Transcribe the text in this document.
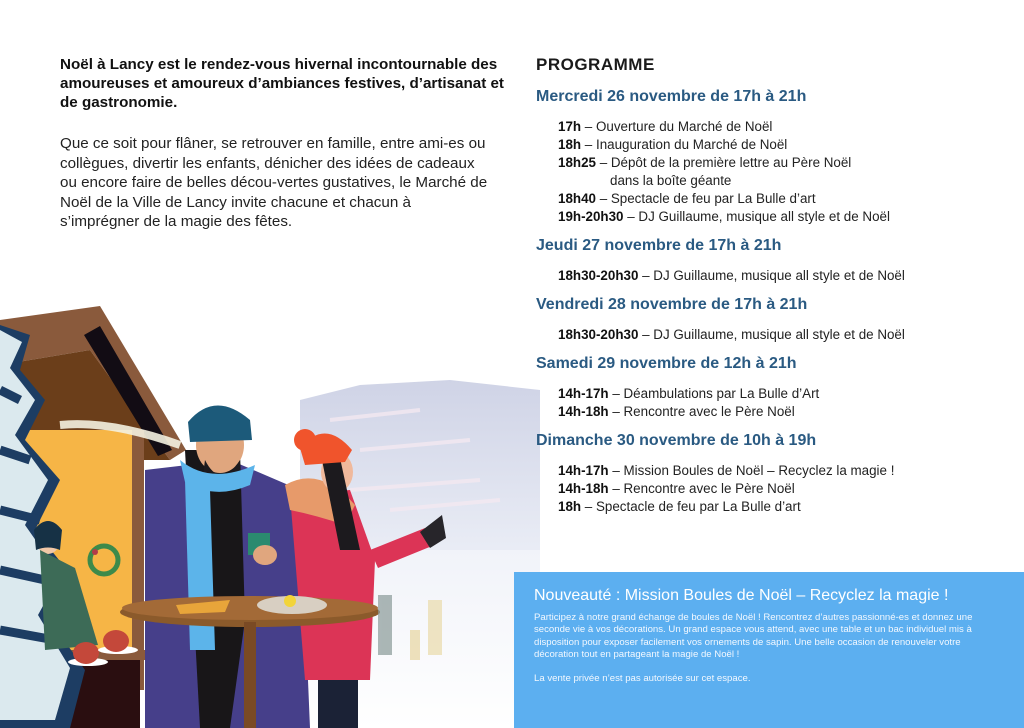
Noël à Lancy est le rendez-vous hivernal incontournable des amoureuses et amoureux d’ambiances festives, d’artisanat et de gastronomie.

Que ce soit pour flâner, se retrouver en famille, entre ami-es ou collègues, divertir les enfants, dénicher des idées de cadeaux ou encore faire de belles décou-vertes gustatives, le Marché de Noël de la Ville de Lancy invite chacune et chacun à s’imprégner de la magie des fêtes.

PROGRAMME
Mercredi 26 novembre de 17h à 21h
17h – Ouverture du Marché de Noël
18h – Inauguration du Marché de Noël
18h25 – Dépôt de la première lettre au Père Noël
dans la boîte géante
18h40 – Spectacle de feu par La Bulle d’art
19h-20h30 – DJ Guillaume, musique all style et de Noël
Jeudi 27 novembre de 17h à 21h
18h30-20h30 – DJ Guillaume, musique all style et de Noël
Vendredi 28 novembre de 17h à 21h
18h30-20h30 – DJ Guillaume, musique all style et de Noël
Samedi 29 novembre de 12h à 21h
14h-17h – Déambulations par La Bulle d’Art
14h-18h – Rencontre avec le Père Noël
Dimanche 30 novembre de 10h à 19h
14h-17h – Mission Boules de Noël – Recyclez la magie !
14h-18h – Rencontre avec le Père Noël
18h – Spectacle de feu par La Bulle d’art
Nouveauté : Mission Boules de Noël – Recyclez la magie !

Participez à notre grand échange de boules de Noël ! Rencontrez d’autres passionné-es et donnez une seconde vie à vos décorations. Un grand espace vous attend, avec une table et un bac individuel mis à disposition pour exposer facilement vos ornements de sapin. Une belle occasion de renouveler votre décoration tout en partageant la magie de Noël !

La vente privée n’est pas autorisée sur cet espace.
